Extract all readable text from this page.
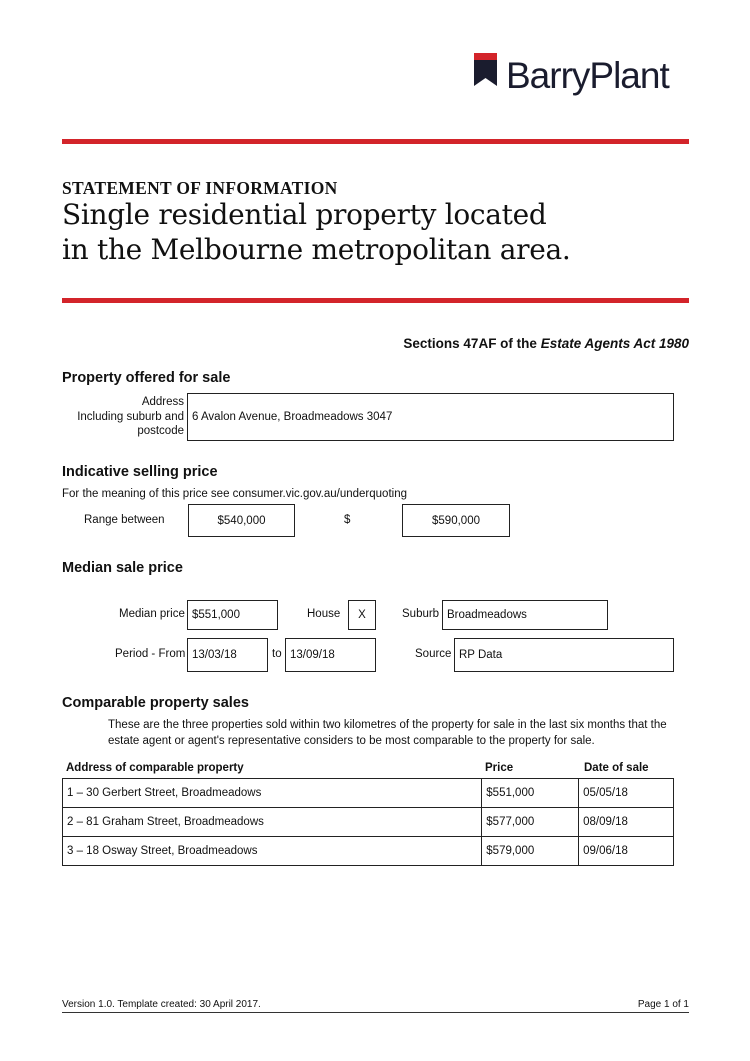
BarryPlant
STATEMENT OF INFORMATION
Single residential property located
in the Melbourne metropolitan area.
Sections 47AF of the Estate Agents Act 1980
Property offered for sale
Address
Including suburb and
postcode
6 Avalon Avenue, Broadmeadows 3047
Indicative selling price
For the meaning of this price see consumer.vic.gov.au/underquoting
Range between	$540,000	$	$590,000
Median sale price
Median price $551,000	House	X	Suburb Broadmeadows
Period - From 13/03/18	to 13/09/18	Source RP Data
Comparable property sales
These are the three properties sold within two kilometres of the property for sale in the last six months that the estate agent or agent's representative considers to be most comparable to the property for sale.
Address of comparable property	Price	Date of sale
1 – 30 Gerbert Street, Broadmeadows	$551,000	05/05/18
2 – 81 Graham Street, Broadmeadows	$577,000	08/09/18
3 – 18 Osway Street, Broadmeadows	$579,000	09/06/18
Version 1.0. Template created: 30 April 2017.	Page 1 of 1
